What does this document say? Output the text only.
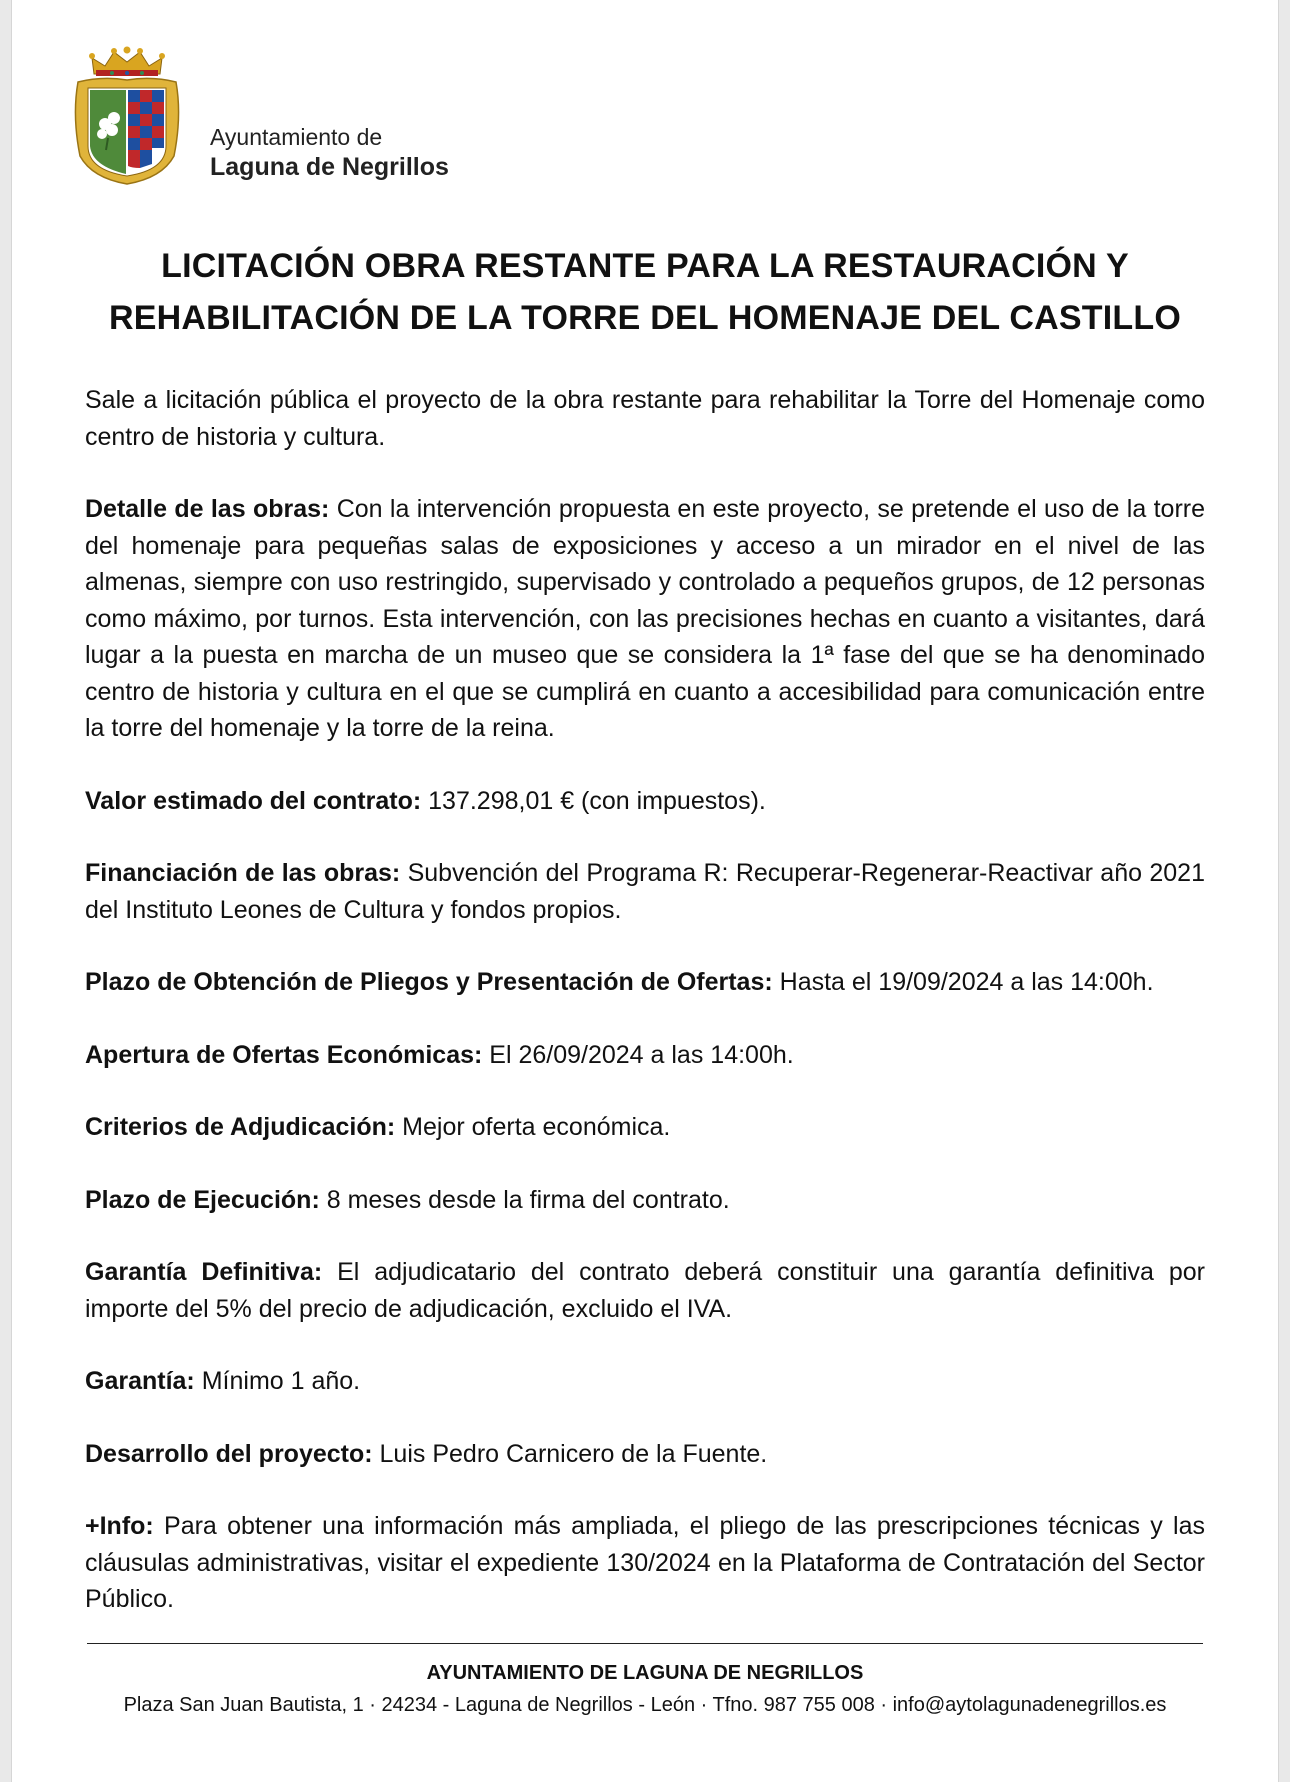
Ayuntamiento de
Laguna de Negrillos
LICITACIÓN OBRA RESTANTE PARA LA RESTAURACIÓN Y
REHABILITACIÓN DE LA TORRE DEL HOMENAJE DEL CASTILLO

Sale a licitación pública el proyecto de la obra restante para rehabilitar la Torre del Homenaje como centro de historia y cultura.

Detalle de las obras: Con la intervención propuesta en este proyecto, se pretende el uso de la torre del homenaje para pequeñas salas de exposiciones y acceso a un mirador en el nivel de las almenas, siempre con uso restringido, supervisado y controlado a pequeños grupos, de 12 personas como máximo, por turnos. Esta intervención, con las precisiones hechas en cuanto a visitantes, dará lugar a la puesta en marcha de un museo que se considera la 1ª fase del que se ha denominado centro de historia y cultura en el que se cumplirá en cuanto a accesibilidad para comunicación entre la torre del homenaje y la torre de la reina.

Valor estimado del contrato: 137.298,01 € (con impuestos).

Financiación de las obras: Subvención del Programa R: Recuperar-Regenerar-Reactivar año 2021 del Instituto Leones de Cultura y fondos propios.

Plazo de Obtención de Pliegos y Presentación de Ofertas: Hasta el 19/09/2024 a las 14:00h.

Apertura de Ofertas Económicas: El 26/09/2024 a las 14:00h.

Criterios de Adjudicación: Mejor oferta económica.

Plazo de Ejecución: 8 meses desde la firma del contrato.

Garantía Definitiva: El adjudicatario del contrato deberá constituir una garantía definitiva por importe del 5% del precio de adjudicación, excluido el IVA.

Garantía: Mínimo 1 año.

Desarrollo del proyecto: Luis Pedro Carnicero de la Fuente.

+Info: Para obtener una información más ampliada, el pliego de las prescripciones técnicas y las cláusulas administrativas, visitar el expediente 130/2024 en la Plataforma de Contratación del Sector Público.

AYUNTAMIENTO DE LAGUNA DE NEGRILLOS
Plaza San Juan Bautista, 1 · 24234 - Laguna de Negrillos - León · Tfno. 987 755 008 · info@aytolagunadenegrillos.es
